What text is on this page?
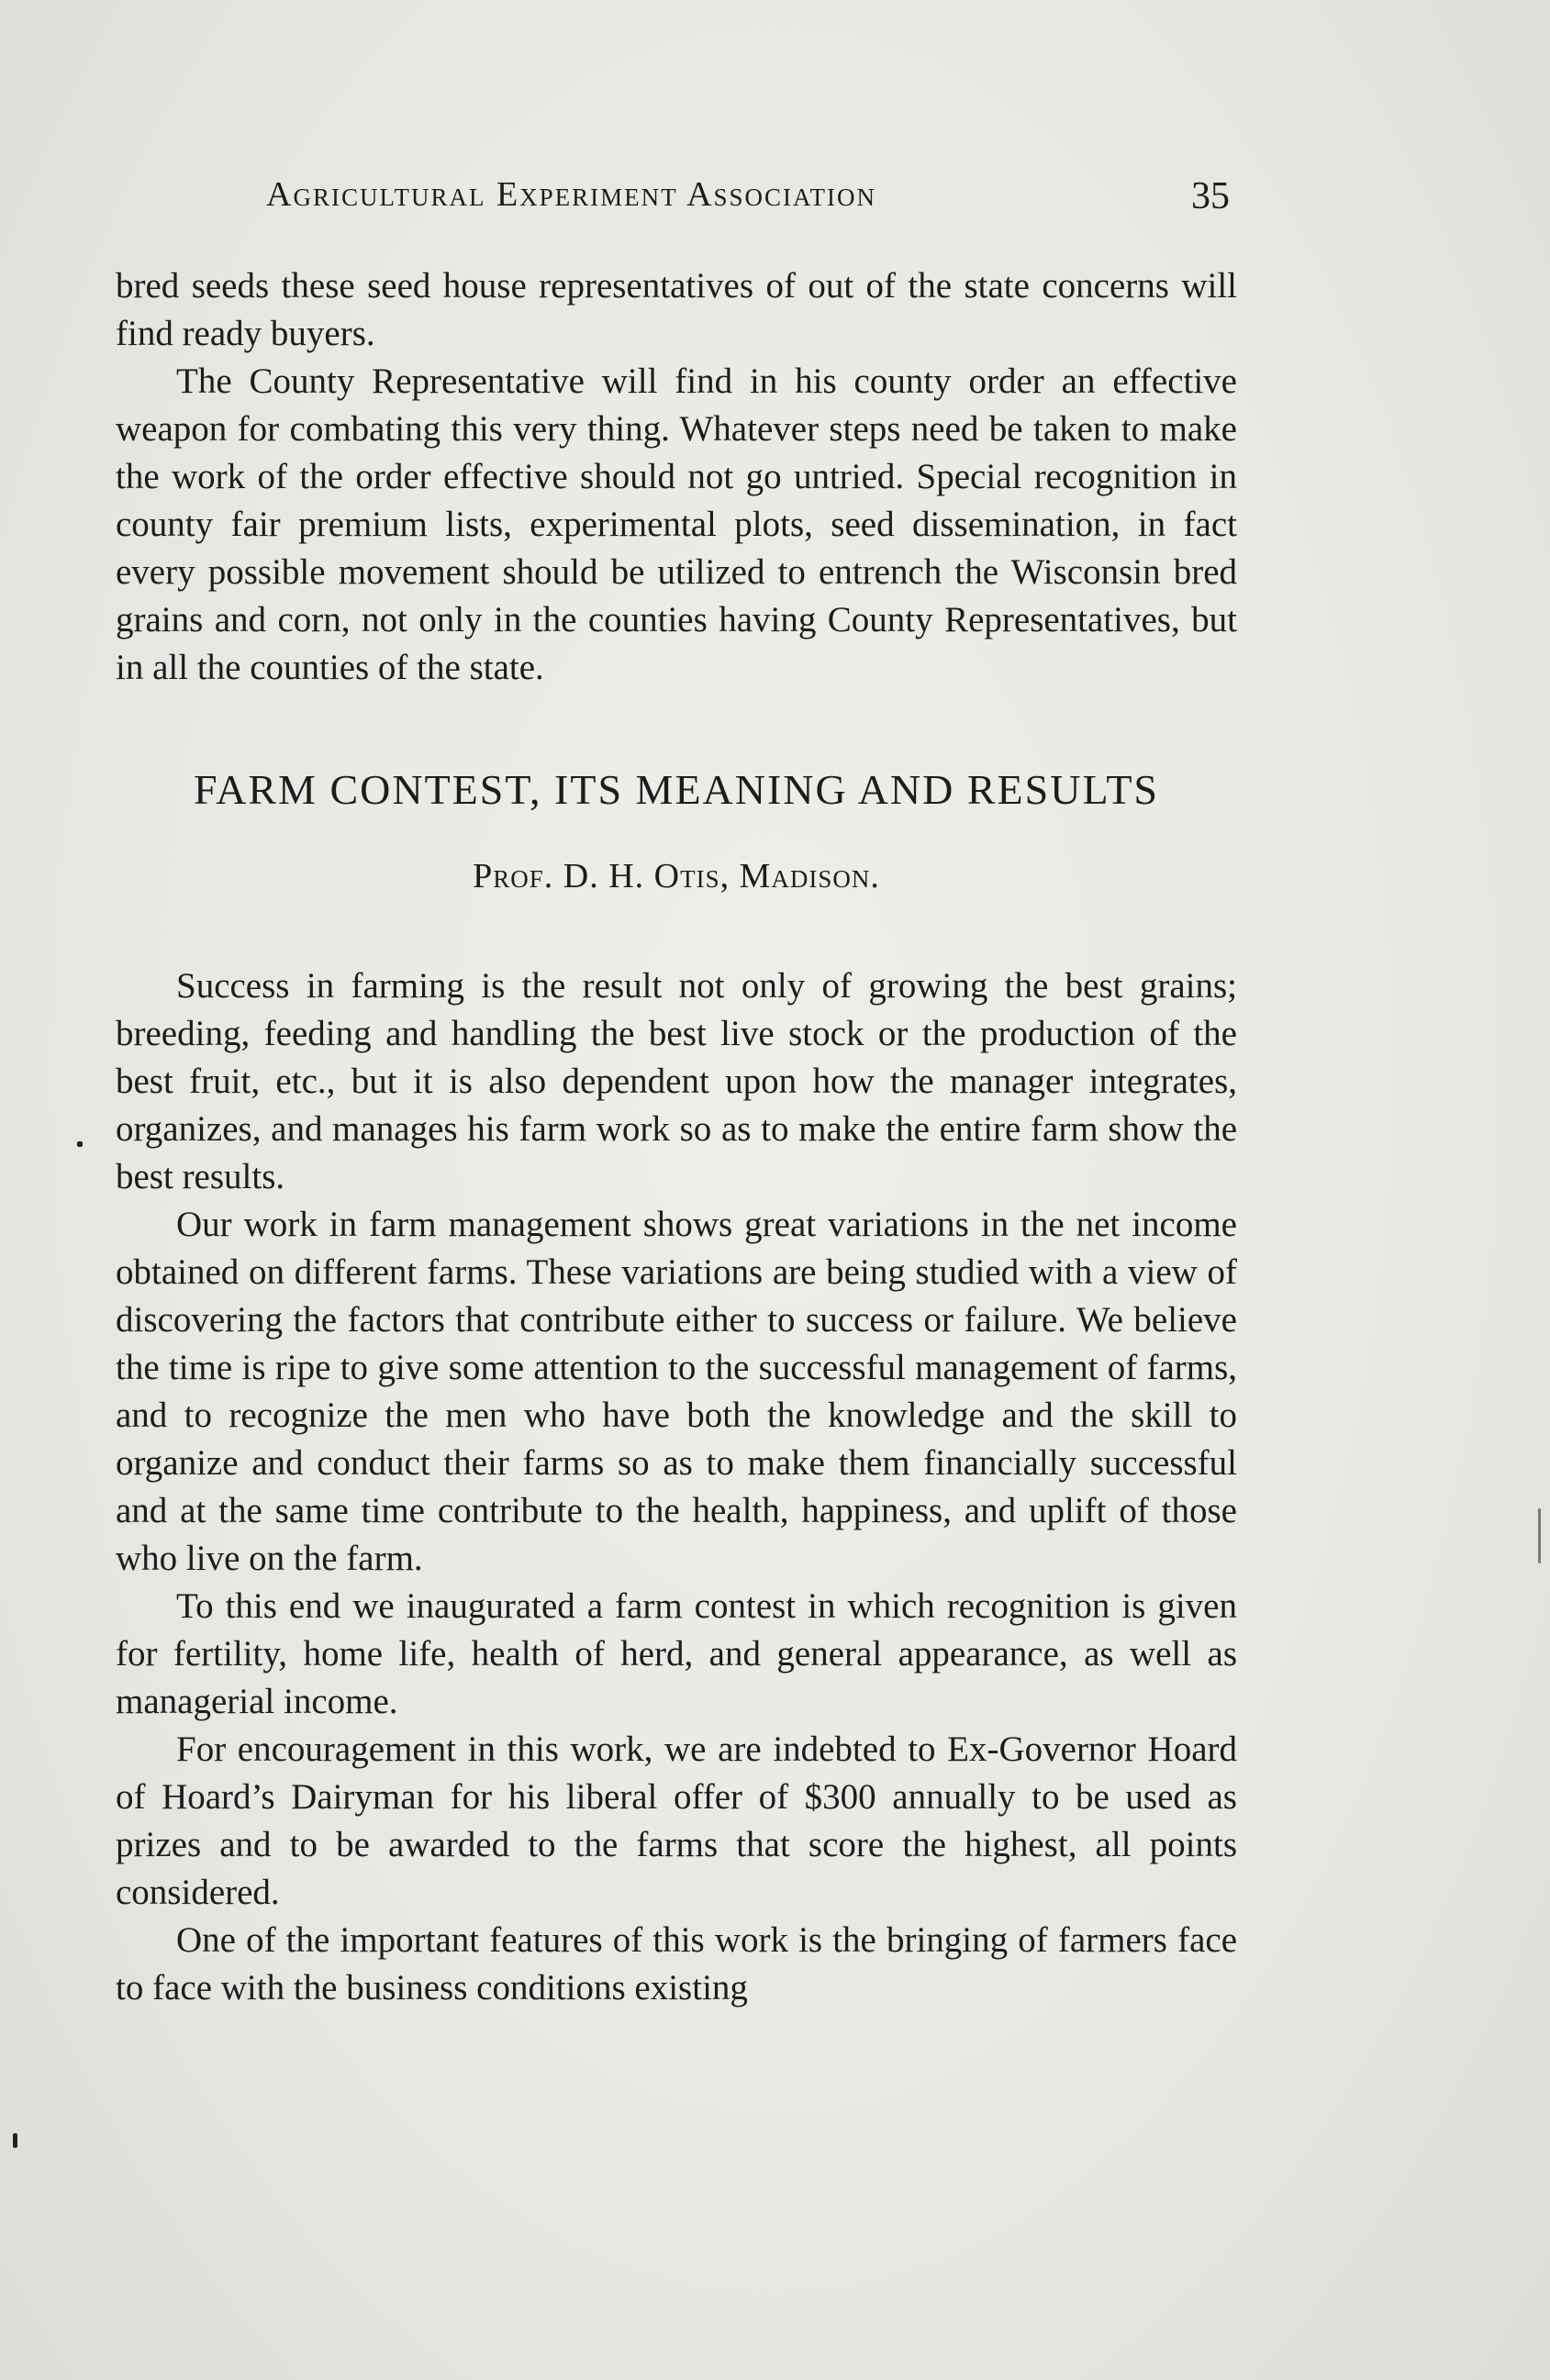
Agricultural Experiment Association	35

bred seeds these seed house representatives of out of the state concerns will find ready buyers.

The County Representative will find in his county order an effective weapon for combating this very thing. Whatever steps need be taken to make the work of the order effective should not go untried. Special recognition in county fair premium lists, experimental plots, seed dissemination, in fact every possible movement should be utilized to entrench the Wisconsin bred grains and corn, not only in the counties having County Representatives, but in all the counties of the state.

FARM CONTEST, ITS MEANING AND RESULTS
Prof. D. H. Otis, Madison.

Success in farming is the result not only of growing the best grains; breeding, feeding and handling the best live stock or the production of the best fruit, etc., but it is also dependent upon how the manager integrates, organizes, and manages his farm work so as to make the entire farm show the best results.

Our work in farm management shows great variations in the net income obtained on different farms. These variations are being studied with a view of discovering the factors that contribute either to success or failure. We believe the time is ripe to give some attention to the successful management of farms, and to recognize the men who have both the knowledge and the skill to organize and conduct their farms so as to make them financially successful and at the same time contribute to the health, happiness, and uplift of those who live on the farm.

To this end we inaugurated a farm contest in which recognition is given for fertility, home life, health of herd, and general appearance, as well as managerial income.

For encouragement in this work, we are indebted to Ex-Governor Hoard of Hoard’s Dairyman for his liberal offer of $300 annually to be used as prizes and to be awarded to the farms that score the highest, all points considered.

One of the important features of this work is the bringing of farmers face to face with the business conditions existing
